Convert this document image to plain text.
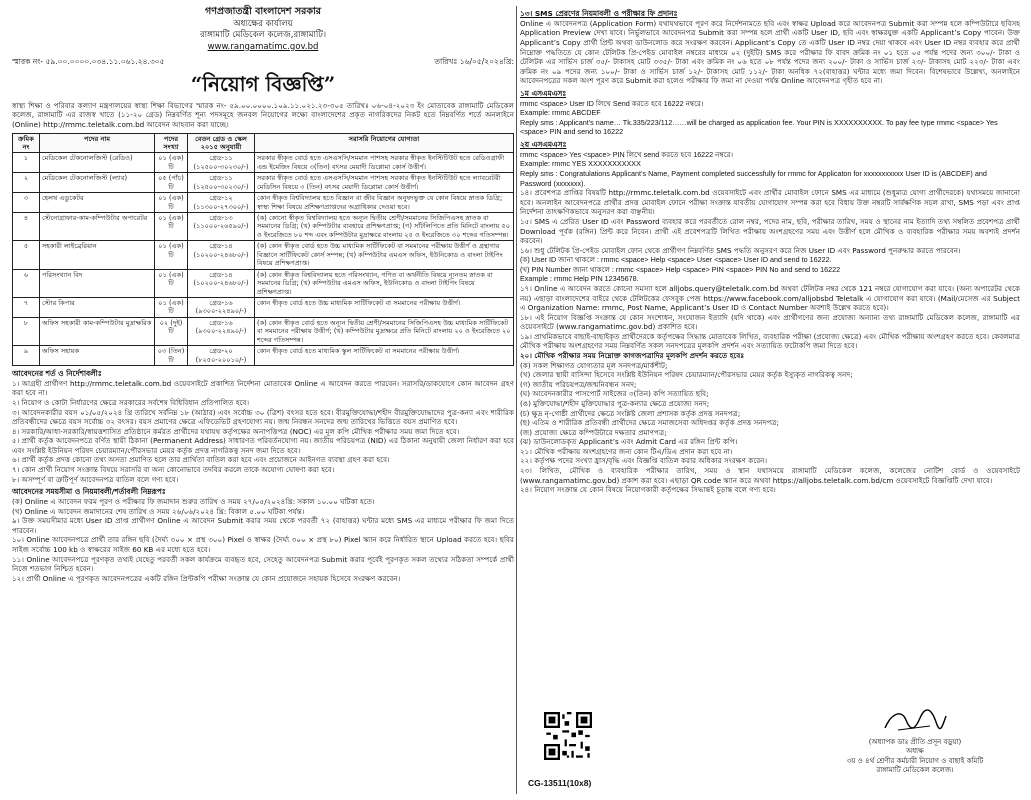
গণপ্রজাতন্ত্রী বাংলাদেশ সরকার
অধ্যক্ষের কার্যালয়
রাঙ্গামাটি মেডিকেল কলেজ,রাঙ্গামাটি।
www.rangamatimc.gov.bd
স্মারক নং- ৫৯.০০.০০০০.০৩৪.১১.০৬১.২৪.৩০৫	তারিখঃ ১৬/০৫/২০২৪খ্রি:
“নিয়োগ বিজ্ঞপ্তি”
স্বাস্থ্য শিক্ষা ও পরিবার কল্যাণ মন্ত্রণালয়ের স্বাস্থ্য শিক্ষা বিভাগের স্মারক নং- ৫৯.০০.০০০০.১০৯.১১.০২১.২৩-৩০৫ তারিখঃ ০৬-০৪-২০২৩ ইং মোতাবেক রাঙ্গামাটি মেডিকেল কলেজ, রাঙ্গামাটি এর রাজস্ব খাতে (১১-২০ গ্রেড) নিম্নবর্ণিত শূন্য পদসমূহে জনবল নিয়োগের লক্ষ্যে বাংলাদেশের প্রকৃত নাগরিকদের নিকট হতে নিম্নবর্ণিত শর্তে অনলাইনে (Online) http://rmmc.teletalk.com.bd আবেদন আহবান করা যাচ্ছে।
ক্রমিক নং	পদের নাম	পদের সংখ্যা	বেতন গ্রেড ও স্কেল ২০১৫ অনুযায়ী	সরাসরি নিয়োগের যোগ্যতা
১	মেডিকেল টেকনোলজিস্ট (রেডিও)	০১ (এক) টি	গ্রেড-১১ (১২৫০০-৩০২৩০/-)	সরকার স্বীকৃত বোর্ড হতে এসএসসি/সমমান পাশসহ সরকার স্বীকৃত ইনস্টিটিউট হতে রেডিওগ্রাফী এন্ড ইমেজিং বিষয়ে ৩(তিন) বৎসর মেয়াদী ডিপ্লোমা কোর্স উত্তীর্ণ।
২	মেডিকেল টেকনোলজিস্ট (ল্যাব)	০৫ (পাঁচ) টি	গ্রেড-১১ (১২৫০০-৩০২৩০/-)	সরকার স্বীকৃত বোর্ড হতে এসএসসি/সমমান পাশসহ সরকার স্বীকৃত ইনস্টিটিউট হতে ল্যাবরেটরী মেডিসিন বিষয়ে ৩ (তিন) বৎসর মেয়াদী ডিপ্লোমা কোর্স উত্তীর্ণ।
৩	হেলথ এডুকেটর	০১ (এক) টি	গ্রেড-১২ (১১৩০০-২৭৩০০/-)	কোন স্বীকৃত বিশ্ববিদ্যালয় হতে বিজ্ঞান বা জীব বিজ্ঞান অনুষদভুক্ত যে কোন বিষয়ে স্নাতক ডিগ্রি; স্বাস্থ্য শিক্ষা বিষয়ে প্রশিক্ষণপ্রাপ্তদের অগ্রাধিকার দেওয়া হবে।
৪	স্টেনোগ্রাফার-কাম-কম্পিউটার অপারেটর	০১ (এক) টি	গ্রেড-১৩ (১১০০০-২৬৫৯০/-)	(ক) কোনো স্বীকৃত বিশ্ববিদ্যালয় হতে অন্যূন দ্বিতীয় শ্রেণী/সমমানের সিজিপিএসহ স্নাতক বা সমমানের ডিগ্রি; (খ) কম্পিউটার ব্যবহারে প্রশিক্ষণপ্রাপ্ত; (গ) সাঁটলিপিতে প্রতি মিনিটে বাংলায় ৫০ ও ইংরেজিতে ৮০ শব্দ এবং কম্পিউটার মুদ্রাক্ষরে বাংলায় ২৫ ও ইংরেজিতে ৩০ শব্দের গতিসম্পন্ন।
৫	সহকারী লাইব্রেরিয়ান	০১ (এক) টি	গ্রেড-১৪ (১০২০০-২৪৬৮০/-)	(ক) কোন স্বীকৃত বোর্ড হতে উচ্চ মাধ্যমিক সার্টিফিকেট বা সমমানের পরীক্ষায় উত্তীর্ণ ও গ্রন্থাগার বিজ্ঞানে সার্টিফিকেট কোর্স সম্পন্ন; (খ) কম্পিউটার এমএস অফিস, ইউনিকোড ও বাংলা টাইপিং বিষয়ে প্রশিক্ষণপ্রাপ্ত।
৬	পরিসংখ্যান বিদ	০১ (এক) টি	গ্রেড-১৪ (১০২০০-২৪৬৮০/-)	(ক) কোন স্বীকৃত বিশ্ববিদ্যালয় হতে পরিসংখ্যান, গণিত বা অর্থনীতি বিষয়ে ন্যূনতম স্নাতক বা সমমানের ডিগ্রি; (খ) কম্পিউটার এমএস অফিস, ইউনিকোড ও বাংলা টাইপিং বিষয়ে প্রশিক্ষণপ্রাপ্ত।
৭	স্টোর কিপার	০১ (এক) টি	গ্রেড-১৬ (৯৩০০-২২৪৯০/-)	কোন স্বীকৃত বোর্ড হতে উচ্চ মাধ্যমিক সার্টিফিকেট বা সমমানের পরীক্ষায় উত্তীর্ণ।
৮	অফিস সহকারী কাম-কম্পিউটার মুদ্রাক্ষরিক	০২ (দুই) টি	গ্রেড-১৬ (৯৩০০-২২৪৯০/-)	(ক) কোন স্বীকৃত বোর্ড হতে অন্যূন দ্বিতীয় শ্রেণী/সমমানের সিজিপিএসহ উচ্চ মাধ্যমিক সার্টিফিকেট বা সমমানের পরীক্ষায় উত্তীর্ণ; (খ) কম্পিউটার মুদ্রাক্ষরে প্রতি মিনিটে বাংলায় ২০ ও ইংরেজিতে ২০ শব্দের গতিসম্পন্ন।
৯	অফিস সহায়ক	০৩ (তিন) টি	গ্রেড-২০ (৮২৫০-২০০১০/-)	কোন স্বীকৃত বোর্ড হতে মাধ্যমিক স্কুল সার্টিফিকেট বা সমমানের পরীক্ষায় উত্তীর্ণ।
আবেদনের শর্ত ও নির্দেশাবলীঃ
১। আগ্রহী প্রার্থীগণ http://rmmc.teletalk.com.bd ওয়েবসাইটে প্রকাশিত নির্দেশনা মোতাবেক Online এ আবেদন করতে পারবেন। সরাসরি/ডাকযোগে কোন আবেদন গ্রহণ করা হবে না।
২। নিয়োগ ও কোটা নির্ধারণের ক্ষেত্রে সরকারের সর্বশেষ বিধিবিধান প্রতিপালিত হবে।
৩। আবেদনকারীর বয়স ০১/০৫/২০২৪ খ্রি তারিখে সর্বনিম্ন ১৮ (আঠার) এবং সর্বোচ্চ ৩০ (ত্রিশ) বৎসর হতে হবে। বীরমুক্তিযোদ্ধা/শহীদ বীরমুক্তিযোদ্ধাদের পুত্র-কন্যা এবং শারীরিক প্রতিবন্ধীদের ক্ষেত্রে বয়স সর্বোচ্চ ৩২ বৎসর। বয়স প্রমাণের ক্ষেত্রে এফিডেভিট গ্রহণযোগ্য নয়। জন্ম নিবন্ধন সনদের জন্ম তারিখের ভিত্তিতে বয়স প্রমাণিত হবে।
৪। সরকারি/আধা-সরকারি/স্বায়ত্তশাসিত প্রতিষ্ঠানে কর্মরত প্রার্থীদের যথাযথ কর্তৃপক্ষের অনাপত্তিপত্র (NOC) এর মূল কপি মৌখিক পরীক্ষার সময় জমা দিতে হবে।
৫। প্রার্থী কর্তৃক আবেদনপত্রে বর্ণিত স্থায়ী ঠিকানা (Permanent Address) সাধারণত পরিবর্তনযোগ্য নয়। জাতীয় পরিচয়পত্র (NID) এর ঠিকানা অনুযায়ী জেলা নির্ধারণ করা হবে এবং সংশ্লিষ্ট ইউনিয়ন পরিষদ চেয়ারম্যান/পৌরসভার মেয়র কর্তৃক প্রদত্ত নাগরিকত্ব সনদ জমা দিতে হবে।
৬। প্রার্থী কর্তৃক প্রদত্ত কোনো তথ্য অসত্য প্রমাণিত হলে তার প্রার্থিতা বাতিল করা হবে এবং প্রয়োজনে আইনগত ব্যবস্থা গ্রহণ করা হবে।
৭। কোন প্রার্থী নিয়োগ সংক্রান্ত বিষয়ে সরাসরি বা অন্য কোনোভাবে তদবির করলে তাকে অযোগ্য ঘোষণা করা হবে।
৮। অসম্পূর্ণ বা ত্রুটিপূর্ণ আবেদনপত্র বাতিল বলে গণ্য হবে।
আবেদনের সময়সীমা ও নিয়মাবলী/শর্তাবলী নিম্নরূপঃ
(ক) Online এ আবেদন ফরম পূরণ ও পরীক্ষার ফি জমাদান শুরুর তারিখ ও সময় ২৭/০৫/২০২৪খ্রি: সকাল ১০.০০ ঘটিকা হতে।
(খ) Online এ আবেদন জমাদানের শেষ তারিখ ও সময় ২৬/০৬/২০২৪ খ্রি: বিকাল ৫.০০ ঘটিকা পর্যন্ত।
৯। উক্ত সময়সীমার মধ্যে User ID প্রাপ্ত প্রার্থীগণ Online এ আবেদন Submit করার সময় থেকে পরবর্তী ৭২ (বাহাত্তর) ঘন্টার মধ্যে SMS এর মাধ্যমে পরীক্ষার ফি জমা দিতে পারবেন।
১০। Online আবেদনপত্রে প্রার্থী তার রঙ্গিন ছবি (দৈর্ঘ্য ৩০০ × প্রস্থ ৩০০) Pixel ও স্বাক্ষর (দৈর্ঘ্য ৩০০ × প্রস্থ ৮০) Pixel স্ক্যান করে নির্ধারিত স্থানে Upload করতে হবে। ছবির সাইজ সর্বোচ্চ 100 kb ও স্বাক্ষরের সাইজ 60 KB এর মধ্যে হতে হবে।
১১। Online আবেদনপত্রে পূরণকৃত তথ্যই যেহেতু পরবর্তী সকল কার্যক্রমে ব্যবহৃত হবে, সেহেতু আবেদনপত্র Submit করার পূর্বেই পূরণকৃত সকল তথ্যের সঠিকতা সম্পর্কে প্রার্থী নিজে শতভাগ নিশ্চিত হবেন।
১২। প্রার্থী Online এ পূরণকৃত আবেদনপত্রের একটি রঙ্গিন প্রিন্টকপি পরীক্ষা সংক্রান্ত যে কোন প্রয়োজনে সহায়ক হিসেবে সংরক্ষণ করবেন।
১৩। SMS প্রেরণের নিয়মাবলী ও পরীক্ষার ফি প্রদানঃ
Online এ আবেদনপত্র (Application Form) যথাযথভাবে পূরণ করে নির্দেশনামতে ছবি এবং স্বাক্ষর Upload করে আবেদনপত্র Submit করা সম্পন্ন হলে কম্পিউটারে ছবিসহ Application Preview দেখা যাবে। নির্ভুলভাবে আবেদনপত্র Submit করা সম্পন্ন হলে প্রার্থী একটি User ID, ছবি এবং স্বাক্ষরযুক্ত একটি Applicant’s Copy পাবেন। উক্ত Applicant’s Copy প্রার্থী প্রিন্ট অথবা ডাউনলোড করে সংরক্ষণ করবেন। Applicant’s Copy তে একটি User ID নম্বর দেয়া থাকবে এবং User ID নম্বর ব্যবহার করে প্রার্থী নিম্নোক্ত পদ্ধতিতে যে কোন টেলিটক প্রি-পেইড মোবাইল নম্বরের মাধ্যমে ০২ (দুইটি) SMS করে পরীক্ষার ফি বাবদ ক্রমিক নং ০১ হতে ০৫ পর্যন্ত পদের জন্য ৩০০/- টাকা ও টেলিটক এর সার্ভিস চার্জ ৩৫/- টাকাসহ মোট ৩৩৫/- টাকা এবং ক্রমিক নং ০৬ হতে ০৮ পর্যন্ত পদের জন্য ২০০/- টাকা ও সার্ভিস চার্জ ২৩/- টাকাসহ মোট ২২৩/- টাকা এবং ক্রমিক নং ০৯ পদের জন্য ১০০/- টাকা ও সার্ভিস চার্জ ১২/- টাকাসহ মোট ১১২/- টাকা অনধিক ৭২(বাহাত্তর) ঘন্টার মধ্যে জমা দিবেন। বিশেষভাবে উল্লেখ্য, অনলাইনে আবেদনপত্রের সকল অংশ পূরণ করে Submit করা হলেও পরীক্ষার ফি জমা না দেওয়া পর্যন্ত Online আবেদনপত্র গৃহীত হবে না।
১ম এসএমএসঃ
rmmc <space> User ID লিখে Send করতে হবে 16222 নম্বরে।
Example: rmmc ABCDEF
Reply sms : Applicant’s name… Tk.335/223/112……will be charged as application fee. Your PIN is XXXXXXXXXX. To pay fee type rmmc <space> Yes <space> PIN and send to 16222
২য় এসএমএসঃ
rmmc <space> Yes <space> PIN লিখে send করতে হবে 16222 নম্বরে।
Example: rmmc YES XXXXXXXXXXX
Reply sms : Congratulations Applicant’s Name, Payment completed successfully for rmmc for Applicaton for xxxxxxxxxxx User ID is (ABCDEF) and Password (xxxxxxx).
১৪। প্রবেশপত্র প্রাপ্তির বিষয়টি http://rmmc.teletalk.com.bd ওয়েবসাইটে এবং প্রার্থীর মোবাইল ফোনে SMS এর মাধ্যমে (শুধুমাত্র যোগ্য প্রার্থীদেরকে) যথাসময়ে জানানো হবে। অনলাইন আবেদনপত্রে প্রার্থীর প্রদত্ত মোবাইল ফোনে পরীক্ষা সংক্রান্ত যাবতীয় যোগাযোগ সম্পন্ন করা হবে বিধায় উক্ত নম্বরটি সার্বক্ষণিক সচল রাখা, SMS পড়া এবং প্রাপ্ত নির্দেশনা তাৎক্ষণিকভাবে অনুসরণ করা বাঞ্ছনীয়।
১৫। SMS এ প্রেরিত User ID এবং Password ব্যবহার করে পরবর্তীতে রোল নম্বর, পদের নাম, ছবি, পরীক্ষার তারিখ, সময় ও স্থানের নাম ইত্যাদি তথ্য সম্বলিত প্রবেশপত্র প্রার্থী Download পূর্বক (রঙ্গিন) প্রিন্ট করে নিবেন। প্রার্থী এই প্রবেশপত্রটি লিখিত পরীক্ষায় অংশগ্রহণের সময় এবং উত্তীর্ণ হলে মৌখিক ও ব্যবহারিক পরীক্ষার সময় অবশ্যই প্রদর্শন করবেন।
১৬। শুধু টেলিটক প্রি-পেইড মোবাইল ফোন থেকে প্রার্থীগণ নিম্নবর্ণিত SMS পদ্ধতি অনুসরণ করে নিজ User ID এবং Password পুনরুদ্ধার করতে পারবেন।
(ক) User ID জানা থাকলে : rmmc <space> Help <space> User <space> User ID and send to 16222.
(খ) PIN Number জানা থাকলে : rmmc <space> Help <space> PIN <space> PIN No and send to 16222
Example : rmmc Help PIN 12345678.
১৭। Online এ আবেদন করতে কোনো সমস্যা হলে alljobs.query@teletalk.com.bd অথবা টেলিটক নম্বর থেকে 121 নম্বরে যোগাযোগ করা যাবে। (অন্য অপারেটর থেকে নয়) এছাড়া বাংলাদেশের বাইরে থেকে টেলিটকের ফেসবুক পেজ https://www.facebook.com/alljobsbd Teletalk এ যোগাযোগ করা যাবে। (Mail/মেসেজ এর Subject এ Organization Name: rmmc, Post Name, Applicant’s User ID ও Contact Number অবশ্যই উল্লেখ করতে হবে)।
১৮। এই নিয়োগ বিজ্ঞপ্তি সংক্রান্ত যে কোন সংশোধন, সংযোজন ইত্যাদি (যদি থাকে) এবং প্রার্থীগণের জন্য প্রযোজ্য অন্যান্য তথ্য রাঙ্গামাটি মেডিকেল কলেজ, রাঙ্গামাটি এর ওয়েবসাইটে (www.rangamatimc.gov.bd) প্রকাশিত হবে।
১৯। প্রাথমিকভাবে বাছাই-বাছাইকৃত প্রার্থীদেরকে কর্তৃপক্ষের সিদ্ধান্ত মোতাবেক লিখিত, ব্যবহারিক পরীক্ষা (প্রযোজ্য ক্ষেত্রে) এবং মৌখিক পরীক্ষায় অংশগ্রহণ করতে হবে। কেবলমাত্র মৌখিক পরীক্ষায় অংশগ্রহণের সময় নিম্নবর্ণিত সকল সনদপত্রের মূলকপি প্রদর্শন এবং সত্যায়িত ফটোকপি জমা দিতে হবে।
২০। মৌখিক পরীক্ষার সময় নিম্নোক্ত কাগজপত্রাদির মূলকপি প্রদর্শন করতে হবেঃ
(ক) সকল শিক্ষাগত যোগ্যতার মূল সনদপত্র/মার্কশীট;
(খ) জেলার স্থায়ী বাসিন্দা হিসেবে সংশ্লিষ্ট ইউনিয়ন পরিষদ চেয়ারম্যান/পৌরসভার মেয়র কর্তৃক ইস্যুকৃত নাগরিকত্ব সনদ;
(গ) জাতীয় পরিচয়পত্র/জন্মনিবন্ধন সনদ;
(ঘ) আবেদনকারীর পাসপোর্ট সাইজের ৩(তিন) কপি সত্যায়িত ছবি;
(ঙ) মুক্তিযোদ্ধা/শহীদ মুক্তিযোদ্ধার পুত্র-কন্যার ক্ষেত্রে প্রযোজ্য সনদ;
(চ) ক্ষুদ্র নৃ-গোষ্ঠী প্রার্থীদের ক্ষেত্রে সংশ্লিষ্ট জেলা প্রশাসক কর্তৃক প্রদত্ত সনদপত্র;
(ছ) এতিম ও শারীরিক প্রতিবন্ধী প্রার্থীদের ক্ষেত্রে সমাজসেবা অধিদপ্তর কর্তৃক প্রদত্ত সনদপত্র;
(জ) প্রযোজ্য ক্ষেত্রে কম্পিউটারে দক্ষতার প্রমাণপত্র;
(ঝ) ডাউনলোডকৃত Applicant’s এবং Admit Card এর রঙ্গিন প্রিন্ট কপি।
২১। মৌখিক পরীক্ষায় অংশগ্রহণের জন্য কোন টিএ/ডিএ প্রদান করা হবে না।
২২। কর্তৃপক্ষ পদের সংখ্যা হ্রাস/বৃদ্ধি এবং বিজ্ঞপ্তি বাতিল করার অধিকার সংরক্ষণ করেন।
২৩। লিখিত, মৌখিক ও ব্যবহারিক পরীক্ষার তারিখ, সময় ও স্থান যথাসময়ে রাঙ্গামাটি মেডিকেল কলেজ, কলেজের নোটিশ বোর্ড ও ওয়েবসাইটে (www.rangamatimc.gov.bd) প্রকাশ করা হবে। এছাড়া QR code স্ক্যান করে অথবা https://alljobs.teletalk.com.bd/cm ওয়েবসাইটে বিজ্ঞপ্তিটি দেখা যাবে।
২৪। নিয়োগ সংক্রান্ত যে কোন বিষয়ে নিয়োগকারী কর্তৃপক্ষের সিদ্ধান্তই চূড়ান্ত বলে গণ্য হবে।
CG-13511(10x8)
(অধ্যাপক ডাঃ প্রীতি প্রসূন বড়ুয়া)
অধ্যক্ষ
৩য় ও ৪র্থ শ্রেণীর কর্মচারী নিয়োগ ও বাছাই কমিটি
রাঙ্গামাটি মেডিকেল কলেজ।
